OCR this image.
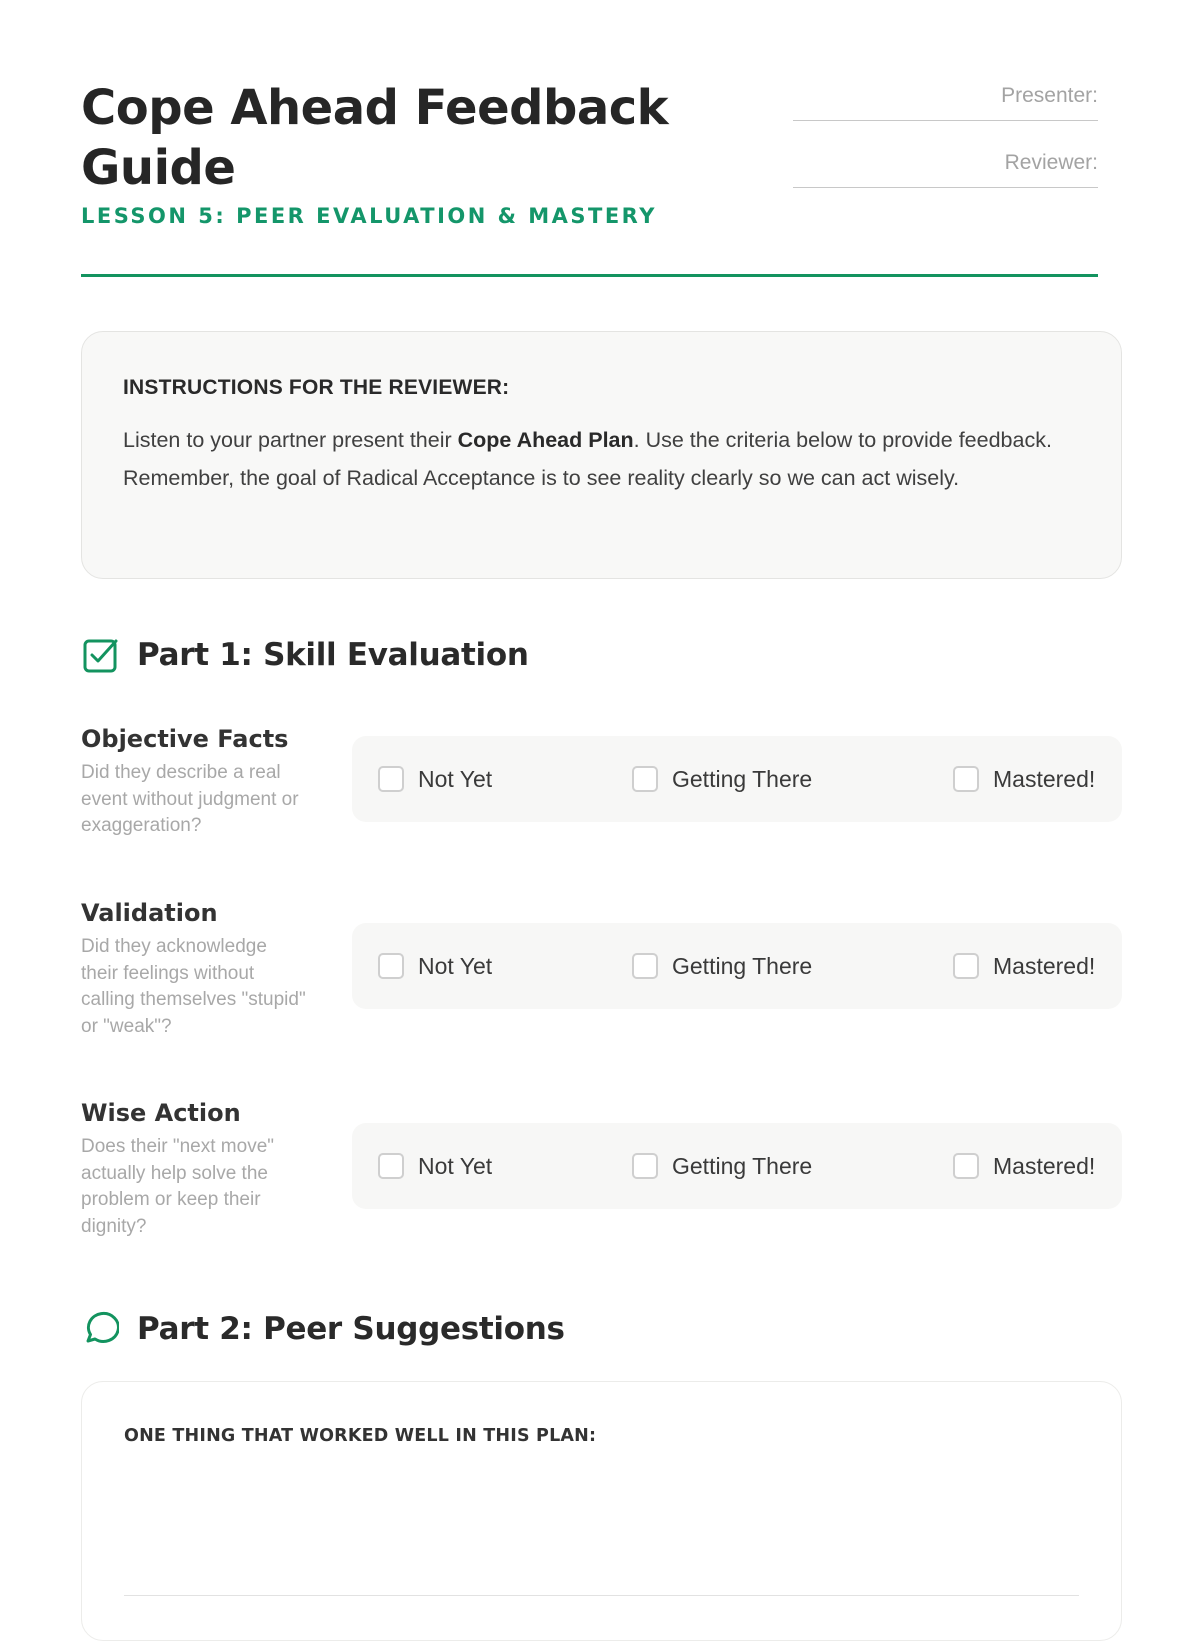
Cope Ahead Feedback Guide
LESSON 5: PEER EVALUATION & MASTERY
Presenter:
Reviewer:
INSTRUCTIONS FOR THE REVIEWER:

Listen to your partner present their Cope Ahead Plan. Use the criteria below to provide feedback. Remember, the goal of Radical Acceptance is to see reality clearly so we can act wisely.

Part 1: Skill Evaluation
Objective Facts
Did they describe a real event without judgment or exaggeration?
Not Yet	Getting There	Mastered!
Validation
Did they acknowledge their feelings without calling themselves "stupid" or "weak"?
Not Yet	Getting There	Mastered!
Wise Action
Does their "next move" actually help solve the problem or keep their dignity?
Not Yet	Getting There	Mastered!
Part 2: Peer Suggestions
ONE THING THAT WORKED WELL IN THIS PLAN:
